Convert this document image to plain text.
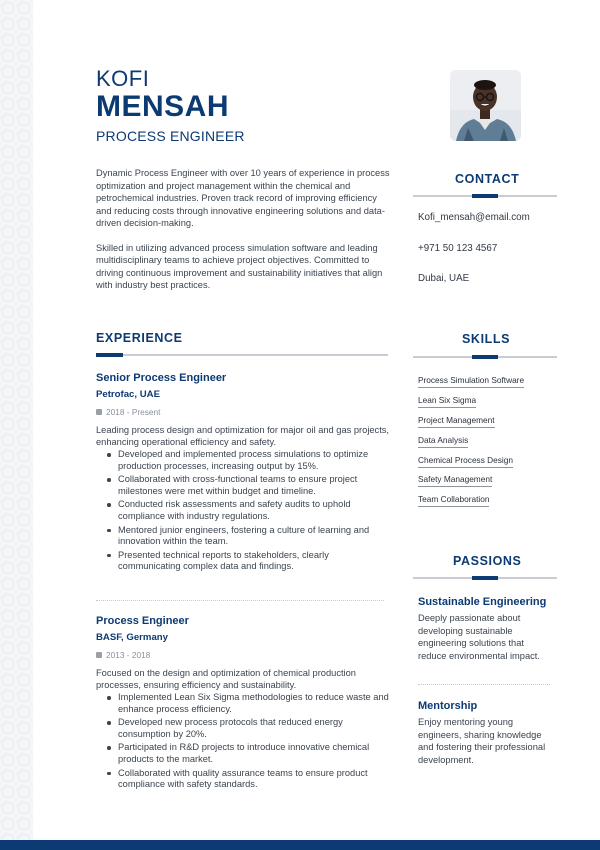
KOFI
MENSAH
PROCESS ENGINEER

Dynamic Process Engineer with over 10 years of experience in process optimization and project management within the chemical and petrochemical industries. Proven track record of improving efficiency and reducing costs through innovative engineering solutions and data-driven decision-making.

Skilled in utilizing advanced process simulation software and leading multidisciplinary teams to achieve project objectives. Committed to driving continuous improvement and sustainability initiatives that align with industry best practices.

CONTACT
Kofi_mensah@email.com
+971 50 123 4567
Dubai, UAE
EXPERIENCE
Senior Process Engineer
Petrofac, UAE
2018 - Present
Leading process design and optimization for major oil and gas projects, enhancing operational efficiency and safety.
Developed and implemented process simulations to optimize production processes, increasing output by 15%.
Collaborated with cross-functional teams to ensure project milestones were met within budget and timeline.
Conducted risk assessments and safety audits to uphold compliance with industry regulations.
Mentored junior engineers, fostering a culture of learning and innovation within the team.
Presented technical reports to stakeholders, clearly communicating complex data and findings.
Process Engineer
BASF, Germany
2013 - 2018
Focused on the design and optimization of chemical production processes, ensuring efficiency and sustainability.
Implemented Lean Six Sigma methodologies to reduce waste and enhance process efficiency.
Developed new process protocols that reduced energy consumption by 20%.
Participated in R&D projects to introduce innovative chemical products to the market.
Collaborated with quality assurance teams to ensure product compliance with safety standards.
SKILLS
Process Simulation Software
Lean Six Sigma
Project Management
Data Analysis
Chemical Process Design
Safety Management
Team Collaboration
PASSIONS
Sustainable Engineering
Deeply passionate about developing sustainable engineering solutions that reduce environmental impact.
Mentorship
Enjoy mentoring young engineers, sharing knowledge and fostering their professional development.
